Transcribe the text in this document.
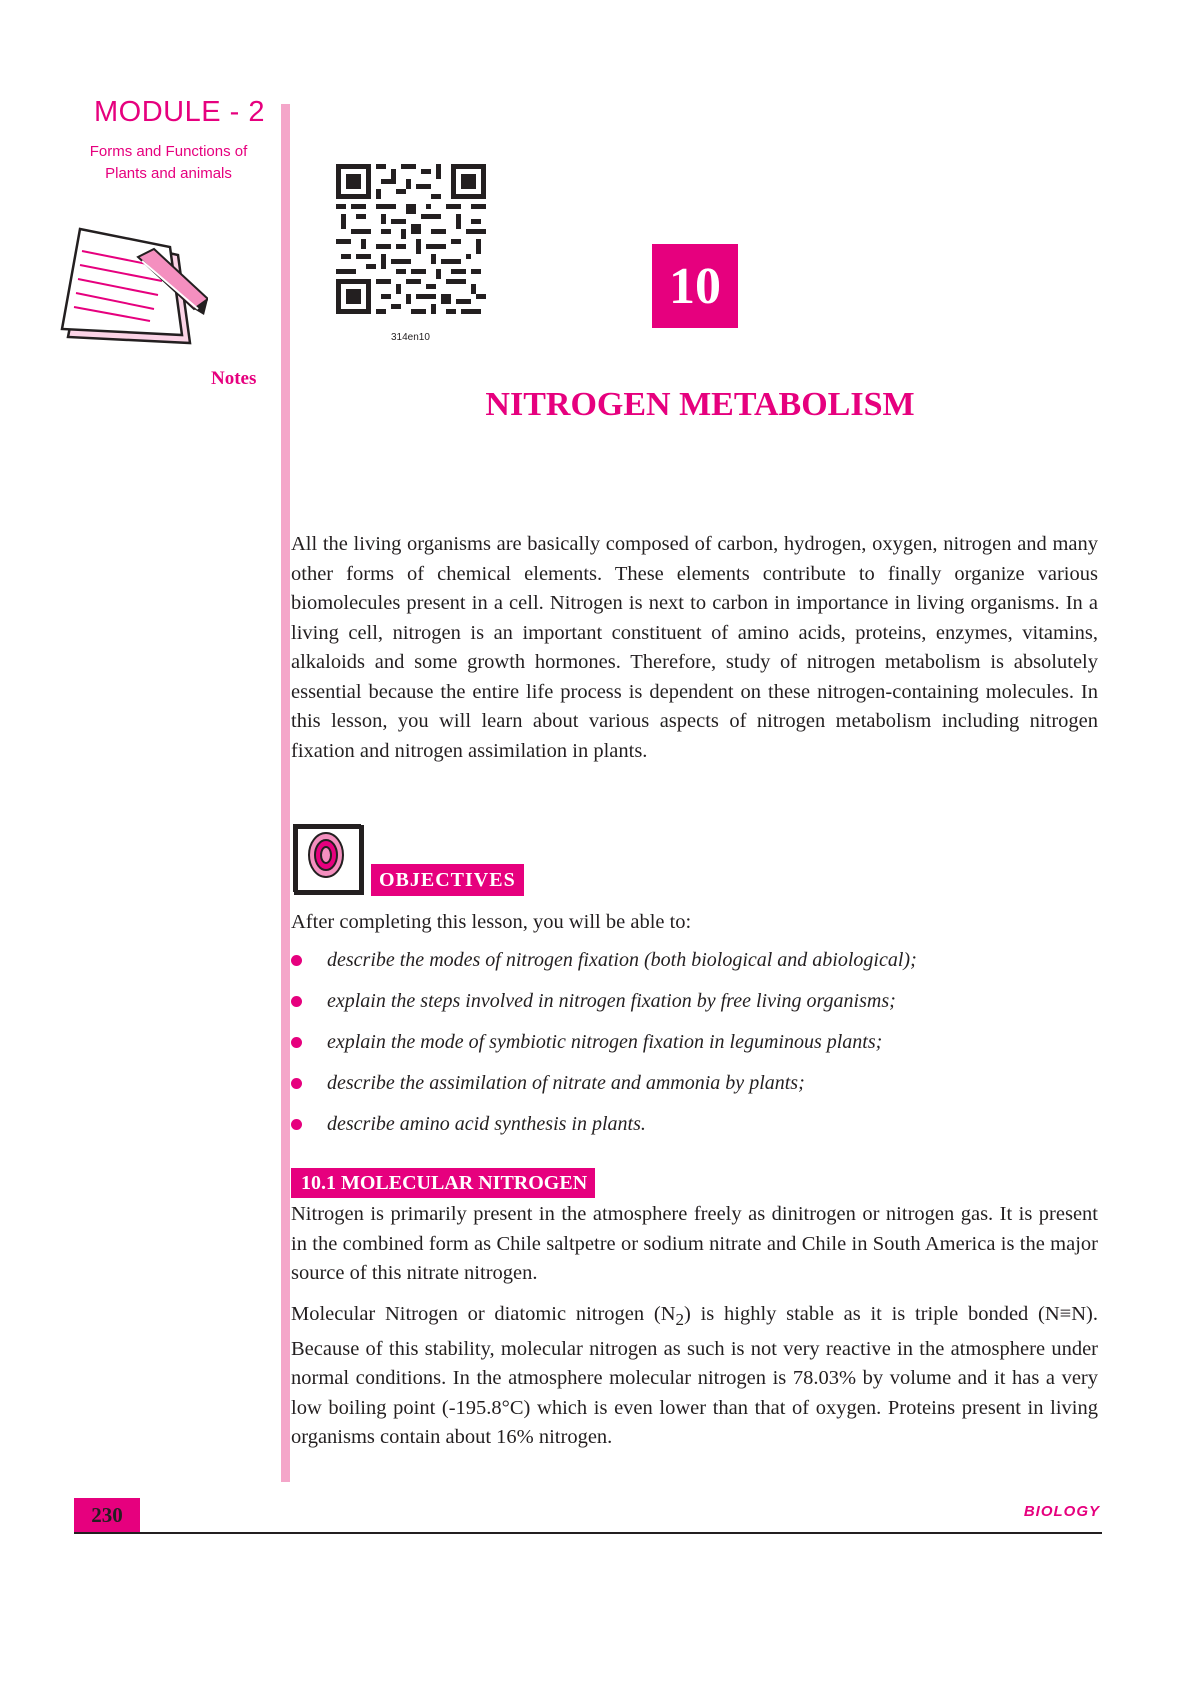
MODULE - 2
Forms and Functions of
Plants and animals
Notes
314en10
10
NITROGEN METABOLISM

All the living organisms are basically composed of carbon, hydrogen, oxygen, nitrogen and many other forms of chemical elements. These elements contribute to finally organize various biomolecules present in a cell. Nitrogen is next to carbon in importance in living organisms. In a living cell, nitrogen is an important constituent of amino acids, proteins, enzymes, vitamins, alkaloids and some growth hormones. Therefore, study of nitrogen metabolism is absolutely essential because the entire life process is dependent on these nitrogen-containing molecules. In this lesson, you will learn about various aspects of nitrogen metabolism including nitrogen fixation and nitrogen assimilation in plants.

OBJECTIVES

After completing this lesson, you will be able to:

describe the modes of nitrogen fixation (both biological and abiological);
explain the steps involved in nitrogen fixation by free living organisms;
explain the mode of symbiotic nitrogen fixation in leguminous plants;
describe the assimilation of nitrate and ammonia by plants;
describe amino acid synthesis in plants.
10.1 MOLECULAR NITROGEN

Nitrogen is primarily present in the atmosphere freely as dinitrogen or nitrogen gas. It is present in the combined form as Chile saltpetre or sodium nitrate and Chile in South America is the major source of this nitrate nitrogen.

Molecular Nitrogen or diatomic nitrogen $(N_2)$ is highly stable as it is triple bonded (N≡N). Because of this stability, molecular nitrogen as such is not very reactive in the atmosphere under normal conditions. In the atmosphere molecular nitrogen is 78.03% by volume and it has a very low boiling point (-195.8°C) which is even lower than that of oxygen. Proteins present in living organisms contain about 16% nitrogen.

230	BIOLOGY
